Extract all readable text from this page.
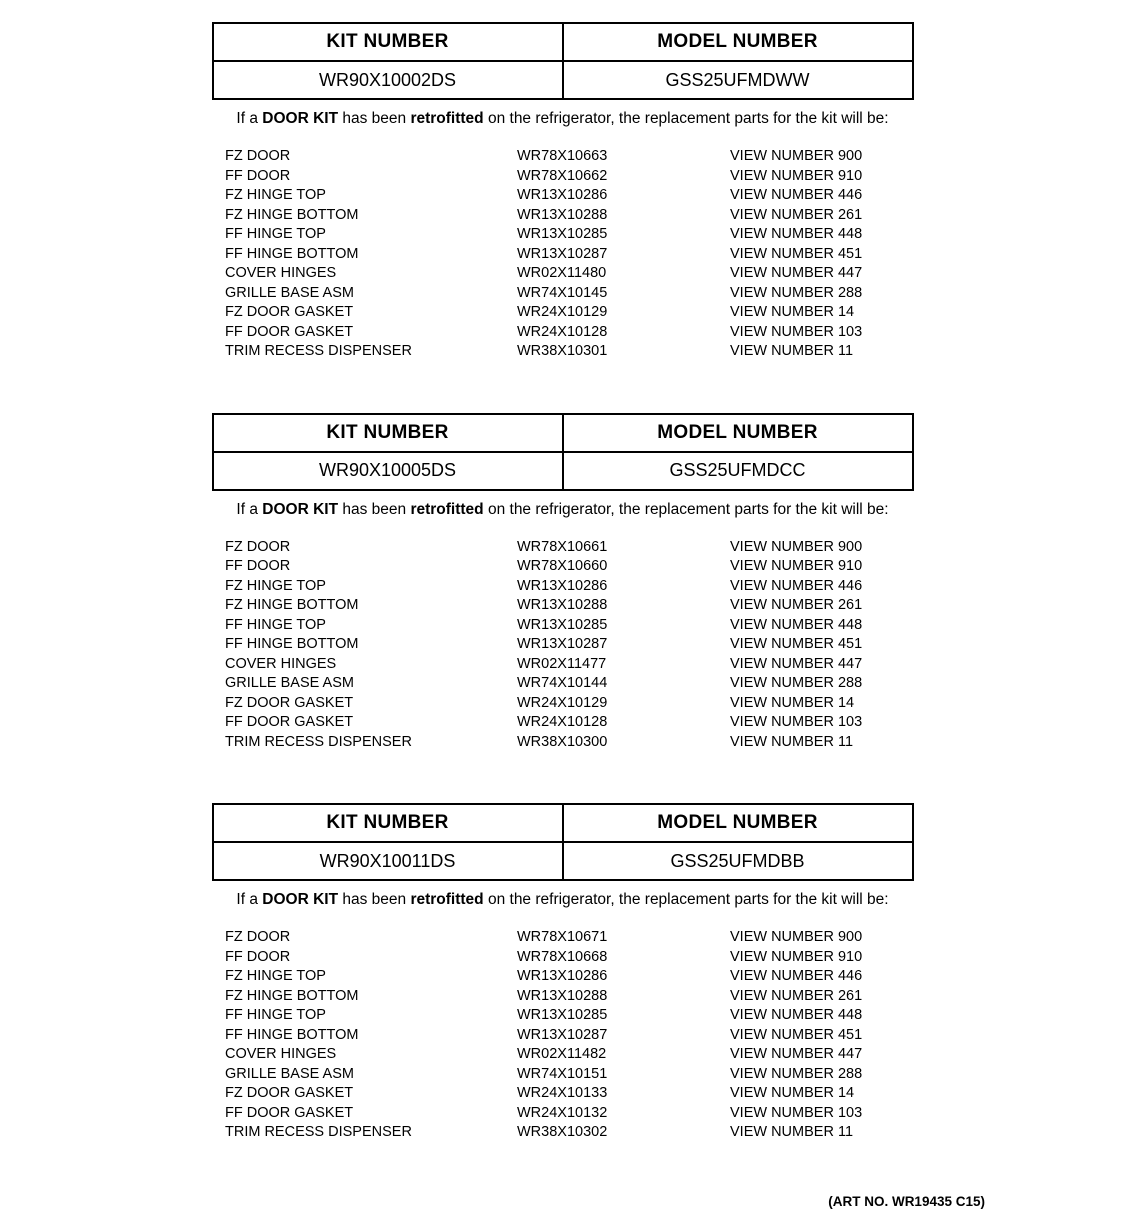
KIT NUMBER	MODEL NUMBER
WR90X10002DS	GSS25UFMDWW

If a DOOR KIT has been retrofitted on the refrigerator, the replacement parts for the kit will be:

FZ DOOR	WR78X10663	VIEW NUMBER 900
FF DOOR	WR78X10662	VIEW NUMBER 910
FZ HINGE TOP	WR13X10286	VIEW NUMBER 446
FZ HINGE BOTTOM	WR13X10288	VIEW NUMBER 261
FF HINGE TOP	WR13X10285	VIEW NUMBER 448
FF HINGE BOTTOM	WR13X10287	VIEW NUMBER 451
COVER HINGES	WR02X11480	VIEW NUMBER 447
GRILLE BASE ASM	WR74X10145	VIEW NUMBER 288
FZ DOOR GASKET	WR24X10129	VIEW NUMBER 14
FF DOOR GASKET	WR24X10128	VIEW NUMBER 103
TRIM RECESS DISPENSER	WR38X10301	VIEW NUMBER 11
KIT NUMBER	MODEL NUMBER
WR90X10005DS	GSS25UFMDCC

If a DOOR KIT has been retrofitted on the refrigerator, the replacement parts for the kit will be:

FZ DOOR	WR78X10661	VIEW NUMBER 900
FF DOOR	WR78X10660	VIEW NUMBER 910
FZ HINGE TOP	WR13X10286	VIEW NUMBER 446
FZ HINGE BOTTOM	WR13X10288	VIEW NUMBER 261
FF HINGE TOP	WR13X10285	VIEW NUMBER 448
FF HINGE BOTTOM	WR13X10287	VIEW NUMBER 451
COVER HINGES	WR02X11477	VIEW NUMBER 447
GRILLE BASE ASM	WR74X10144	VIEW NUMBER 288
FZ DOOR GASKET	WR24X10129	VIEW NUMBER 14
FF DOOR GASKET	WR24X10128	VIEW NUMBER 103
TRIM RECESS DISPENSER	WR38X10300	VIEW NUMBER 11
KIT NUMBER	MODEL NUMBER
WR90X10011DS	GSS25UFMDBB

If a DOOR KIT has been retrofitted on the refrigerator, the replacement parts for the kit will be:

FZ DOOR	WR78X10671	VIEW NUMBER 900
FF DOOR	WR78X10668	VIEW NUMBER 910
FZ HINGE TOP	WR13X10286	VIEW NUMBER 446
FZ HINGE BOTTOM	WR13X10288	VIEW NUMBER 261
FF HINGE TOP	WR13X10285	VIEW NUMBER 448
FF HINGE BOTTOM	WR13X10287	VIEW NUMBER 451
COVER HINGES	WR02X11482	VIEW NUMBER 447
GRILLE BASE ASM	WR74X10151	VIEW NUMBER 288
FZ DOOR GASKET	WR24X10133	VIEW NUMBER 14
FF DOOR GASKET	WR24X10132	VIEW NUMBER 103
TRIM RECESS DISPENSER	WR38X10302	VIEW NUMBER 11
(ART NO. WR19435 C15)
